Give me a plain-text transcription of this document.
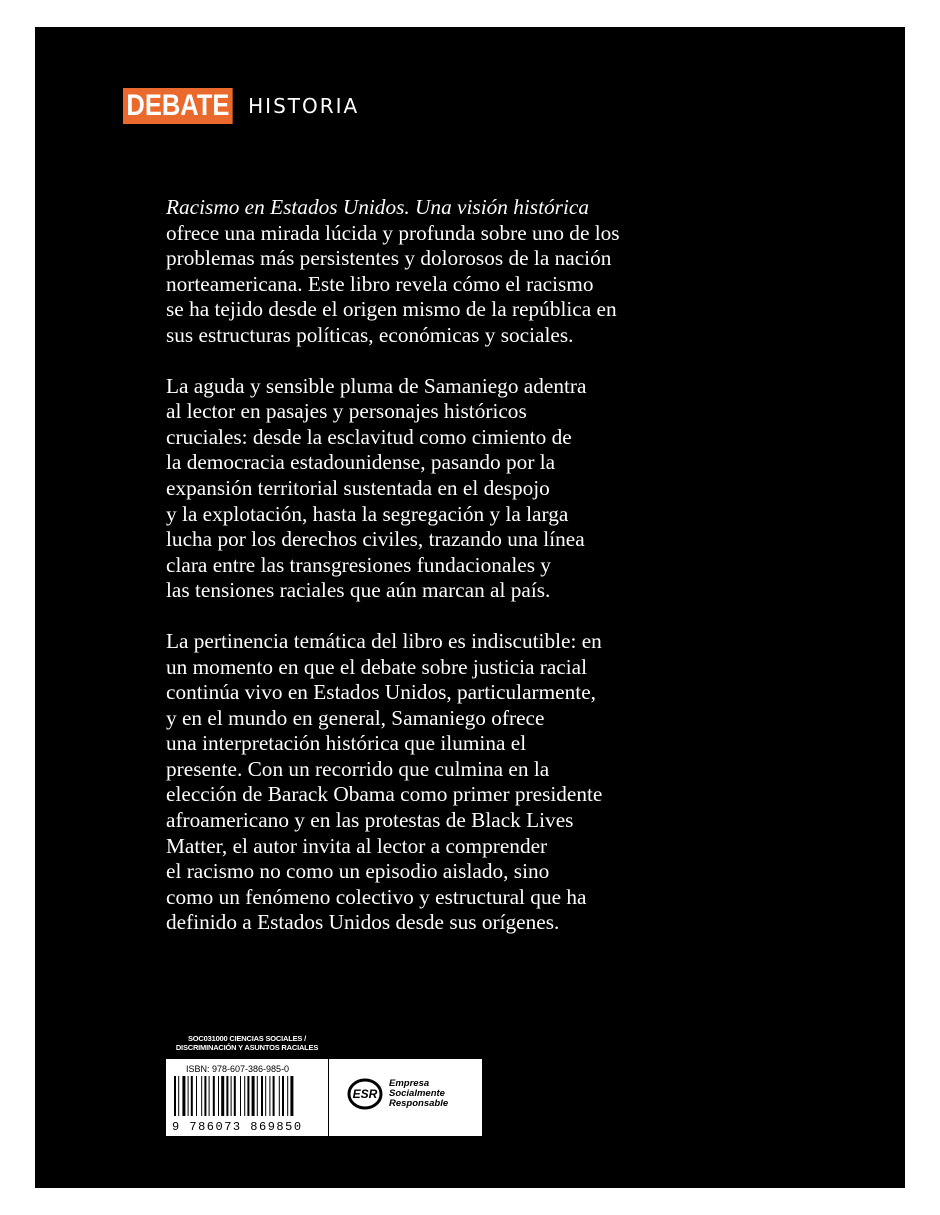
DEBATE HISTORIA

Racismo en Estados Unidos. Una visión histórica
ofrece una mirada lúcida y profunda sobre uno de los
problemas más persistentes y dolorosos de la nación
norteamericana. Este libro revela cómo el racismo
se ha tejido desde el origen mismo de la república en
sus estructuras políticas, económicas y sociales.

La aguda y sensible pluma de Samaniego adentra
al lector en pasajes y personajes históricos
cruciales: desde la esclavitud como cimiento de
la democracia estadounidense, pasando por la
expansión territorial sustentada en el despojo
y la explotación, hasta la segregación y la larga
lucha por los derechos civiles, trazando una línea
clara entre las transgresiones fundacionales y
las tensiones raciales que aún marcan al país.

La pertinencia temática del libro es indiscutible: en
un momento en que el debate sobre justicia racial
continúa vivo en Estados Unidos, particularmente,
y en el mundo en general, Samaniego ofrece
una interpretación histórica que ilumina el
presente. Con un recorrido que culmina en la
elección de Barack Obama como primer presidente
afroamericano y en las protestas de Black Lives
Matter, el autor invita al lector a comprender
el racismo no como un episodio aislado, sino
como un fenómeno colectivo y estructural que ha
definido a Estados Unidos desde sus orígenes.

SOC031000 CIENCIAS SOCIALES /
DISCRIMINACIÓN Y ASUNTOS RACIALES
ISBN: 978-607-386-985-0
9 786073 869850
ESR
Empresa
Socialmente
Responsable
